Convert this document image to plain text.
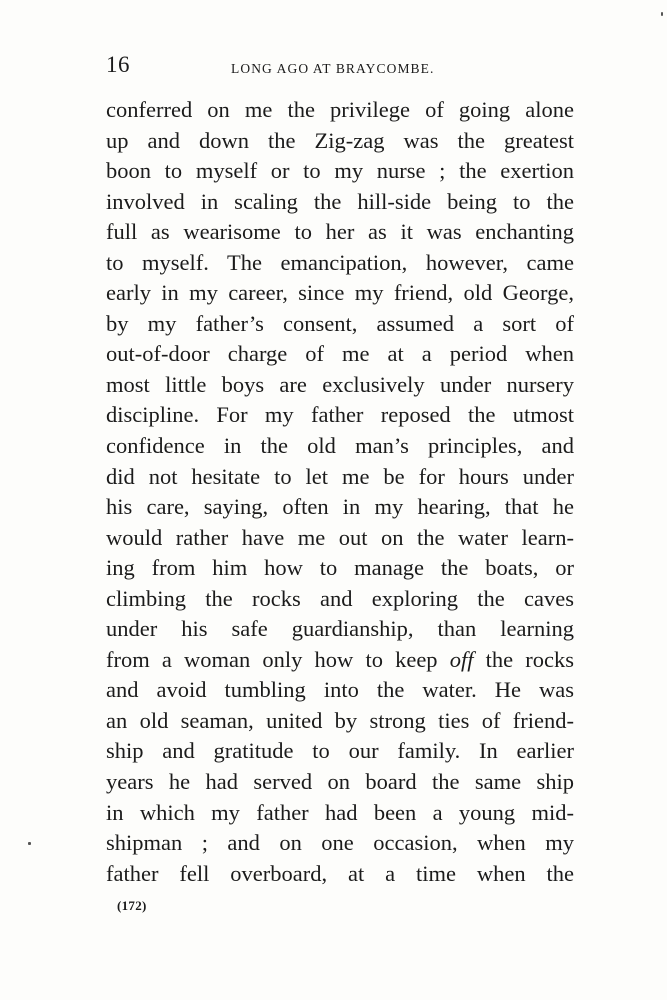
16	LONG AGO AT BRAYCOMBE.
conferred on me the privilege of going alone
up and down the Zig-zag was the greatest
boon to myself or to my nurse ; the exertion
involved in scaling the hill-side being to the
full as wearisome to her as it was enchanting
to myself. The emancipation, however, came
early in my career, since my friend, old George,
by my father’s consent, assumed a sort of
out-of-door charge of me at a period when
most little boys are exclusively under nursery
discipline. For my father reposed the utmost
confidence in the old man’s principles, and
did not hesitate to let me be for hours under
his care, saying, often in my hearing, that he
would rather have me out on the water learn-
ing from him how to manage the boats, or
climbing the rocks and exploring the caves
under his safe guardianship, than learning
from a woman only how to keep off the rocks
and avoid tumbling into the water. He was
an old seaman, united by strong ties of friend-
ship and gratitude to our family. In earlier
years he had served on board the same ship
in which my father had been a young mid-
shipman ; and on one occasion, when my
father fell overboard, at a time when the
(172)
